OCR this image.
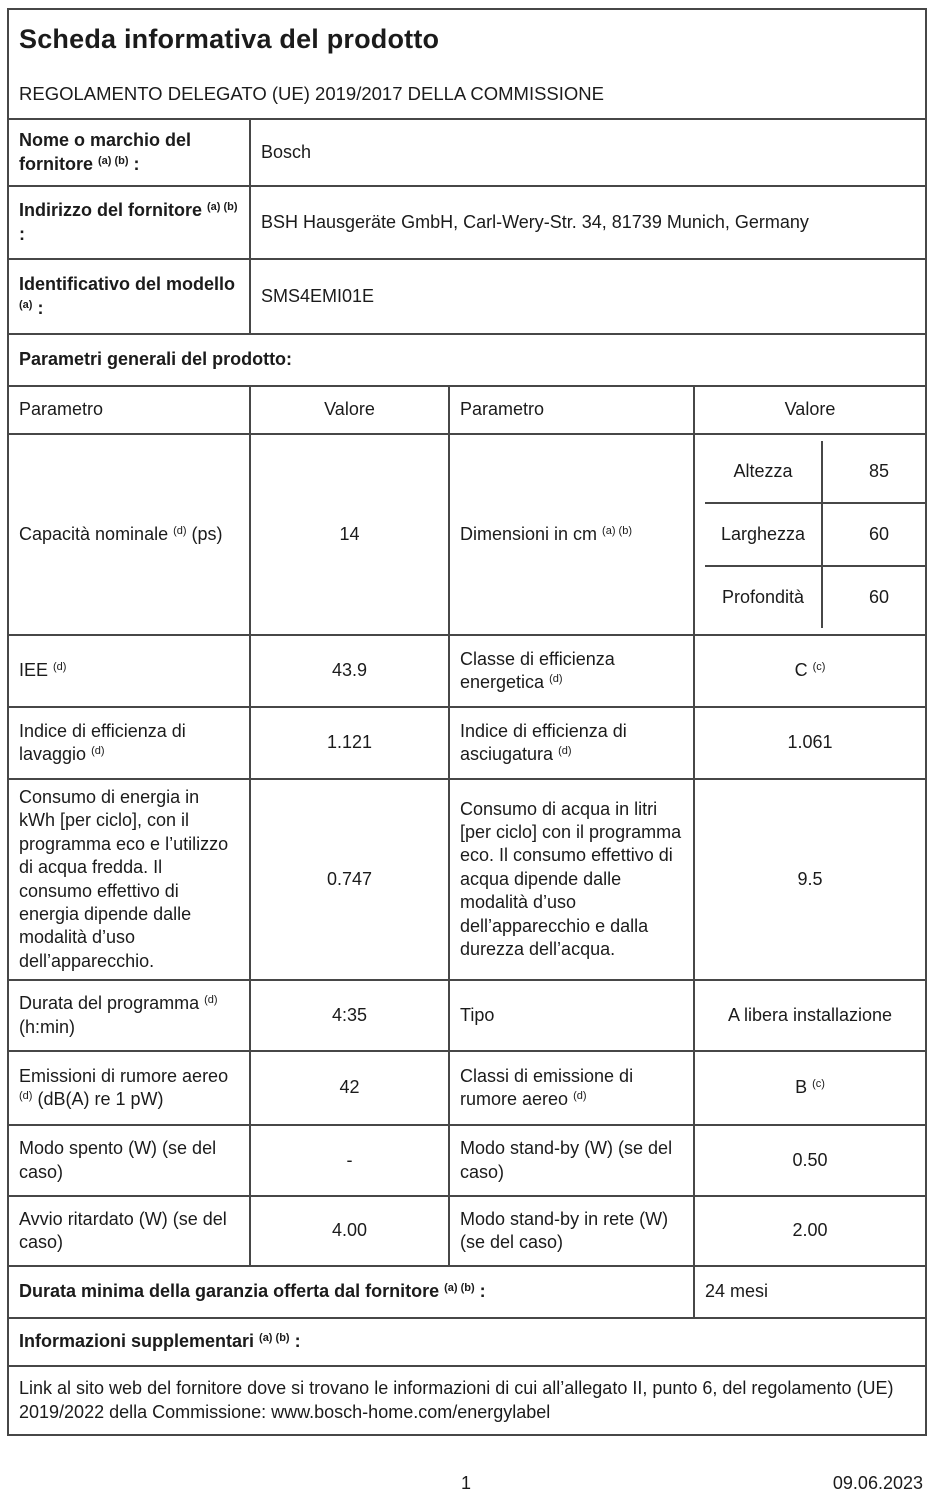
Scheda informativa del prodotto
REGOLAMENTO DELEGATO (UE) 2019/2017 DELLA COMMISSIONE

Nome o marchio del fornitore $^{(a) (b)}$ :	Bosch
Indirizzo del fornitore $^{(a) (b)}$ :	BSH Hausgeräte GmbH, Carl-Wery-Str. 34, 81739 Munich, Germany
Identificativo del modello $^{(a)}$ :	SMS4EMI01E
Parametri generali del prodotto:
Parametro	Valore	Parametro	Valore
Capacità nominale $^{(d)}$ (ps)	14	Dimensioni in cm $^{(a) (b)}$	
Altezza	85
Larghezza	60
Profondità	60

IEE $^{(d)}$	43.9	Classe di efficienza energetica $^{(d)}$	C $^{(c)}$
Indice di efficienza di lavaggio $^{(d)}$	1.121	Indice di efficienza di asciugatura $^{(d)}$	1.061
Consumo di energia in kWh [per ciclo], con il programma eco e l’utilizzo di acqua fredda. Il consumo effettivo di energia dipende dalle modalità d’uso dell’apparecchio.	0.747	Consumo di acqua in litri [per ciclo] con il programma eco. Il consumo effettivo di acqua dipende dalle modalità d’uso dell’apparecchio e dalla durezza dell’acqua.	9.5
Durata del programma $^{(d)}$ (h:min)	4:35	Tipo	A libera installazione
Emissioni di rumore aereo $^{(d)}$ (dB(A) re 1 pW)	42	Classi di emissione di rumore aereo $^{(d)}$	B $^{(c)}$
Modo spento (W) (se del caso)	-	Modo stand-by (W) (se del caso)	0.50
Avvio ritardato (W) (se del caso)	4.00	Modo stand-by in rete (W) (se del caso)	2.00
Durata minima della garanzia offerta dal fornitore $^{(a) (b)}$ :	24 mesi
Informazioni supplementari $^{(a) (b)}$ :
Link al sito web del fornitore dove si trovano le informazioni di cui all’allegato II, punto 6, del regolamento (UE) 2019/2022 della Commissione: www.bosch-home.com/energylabel
1	09.06.2023
